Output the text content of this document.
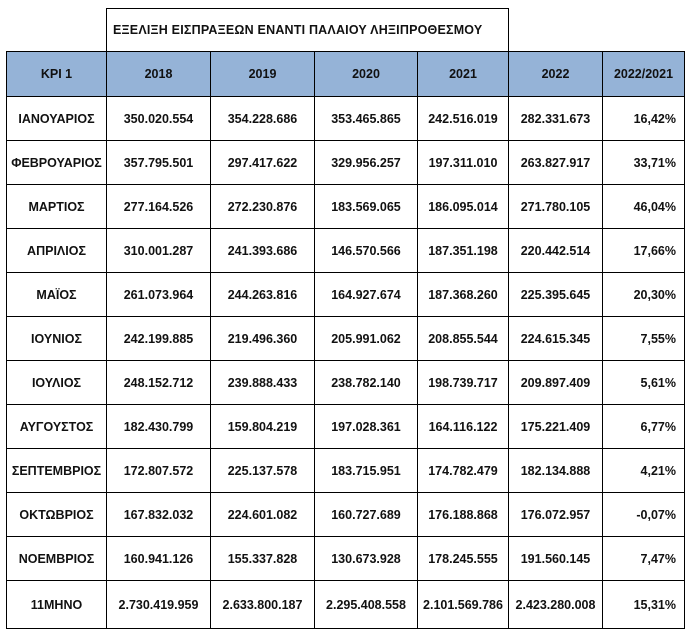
	ΕΞΕΛΙΞΗ ΕΙΣΠΡΑΞΕΩΝ ΕΝΑΝΤΙ ΠΑΛΑΙΟΥ ΛΗΞΙΠΡΟΘΕΣΜΟΥ					
ΚΡΙ 1	2018	2019	2020	2021	2022	2022/2021
ΙΑΝΟΥΑΡΙΟΣ	350.020.554	354.228.686	353.465.865	242.516.019	282.331.673	16,42%
ΦΕΒΡΟΥΑΡΙΟΣ	357.795.501	297.417.622	329.956.257	197.311.010	263.827.917	33,71%
ΜΑΡΤΙΟΣ	277.164.526	272.230.876	183.569.065	186.095.014	271.780.105	46,04%
ΑΠΡΙΛΙΟΣ	310.001.287	241.393.686	146.570.566	187.351.198	220.442.514	17,66%
ΜΑΪΟΣ	261.073.964	244.263.816	164.927.674	187.368.260	225.395.645	20,30%
ΙΟΥΝΙΟΣ	242.199.885	219.496.360	205.991.062	208.855.544	224.615.345	7,55%
ΙΟΥΛΙΟΣ	248.152.712	239.888.433	238.782.140	198.739.717	209.897.409	5,61%
ΑΥΓΟΥΣΤΟΣ	182.430.799	159.804.219	197.028.361	164.116.122	175.221.409	6,77%
ΣΕΠΤΕΜΒΡΙΟΣ	172.807.572	225.137.578	183.715.951	174.782.479	182.134.888	4,21%
ΟΚΤΩΒΡΙΟΣ	167.832.032	224.601.082	160.727.689	176.188.868	176.072.957	-0,07%
ΝΟΕΜΒΡΙΟΣ	160.941.126	155.337.828	130.673.928	178.245.555	191.560.145	7,47%
11ΜΗΝΟ	2.730.419.959	2.633.800.187	2.295.408.558	2.101.569.786	2.423.280.008	15,31%
